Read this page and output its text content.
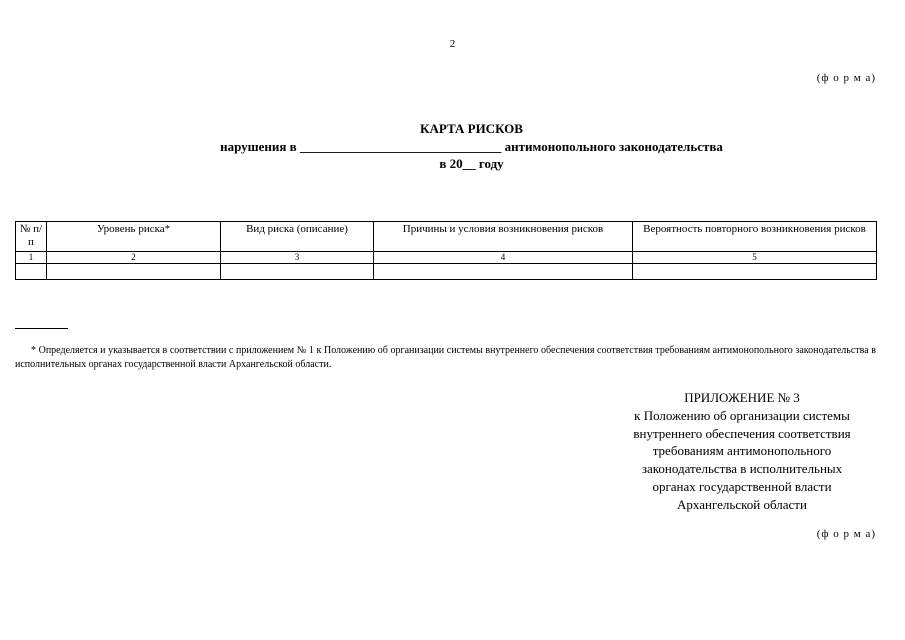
2
(ф о р м а)
КАРТА РИСКОВ
нарушения в _______________________________ антимонопольного законодательства
в 20__ году
№ п/п	Уровень риска*	Вид риска (описание)	Причины и условия возникновения рисков	Вероятность повторного возникновения рисков
1	2	3	4	5

* Определяется и указывается в соответствии с приложением № 1 к Положению об организации системы внутреннего обеспечения соответствия требованиям антимонопольного законодательства в исполнительных органах государственной власти Архангельской области.
ПРИЛОЖЕНИЕ № 3
к Положению об организации системы
внутреннего обеспечения соответствия
требованиям антимонопольного
законодательства в исполнительных
органах государственной власти
Архангельской области
(ф о р м а)
